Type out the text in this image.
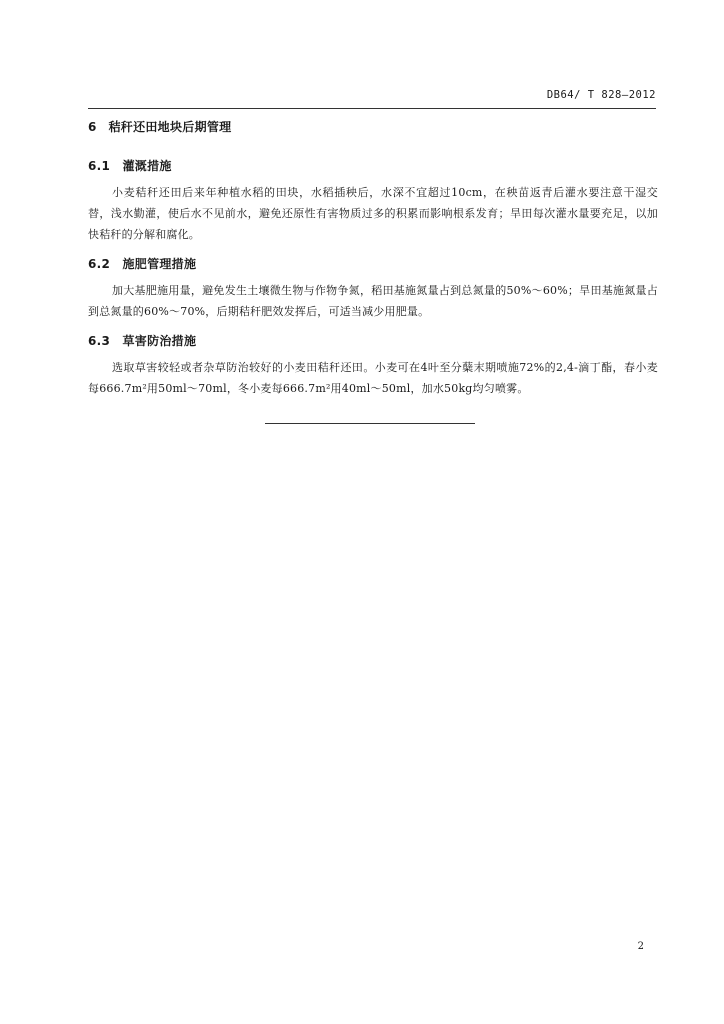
DB64/ T 828—2012
6 秸秆还田地块后期管理
6.1 灌溉措施

小麦秸秆还田后来年种植水稻的田块，水稻插秧后，水深不宜超过10cm，在秧苗返青后灌水要注意干湿交替，浅水勤灌，使后水不见前水，避免还原性有害物质过多的积累而影响根系发育；旱田每次灌水量要充足，以加快秸秆的分解和腐化。

6.2 施肥管理措施

加大基肥施用量，避免发生土壤微生物与作物争氮，稻田基施氮量占到总氮量的50%～60%；旱田基施氮量占到总氮量的60%～70%，后期秸秆肥效发挥后，可适当减少用肥量。

6.3 草害防治措施

选取草害较轻或者杂草防治较好的小麦田秸秆还田。小麦可在4叶至分蘖末期喷施72%的2,4-滴丁酯，春小麦每666.7m²用50ml～70ml，冬小麦每666.7m²用40ml～50ml，加水50kg均匀喷雾。

2
